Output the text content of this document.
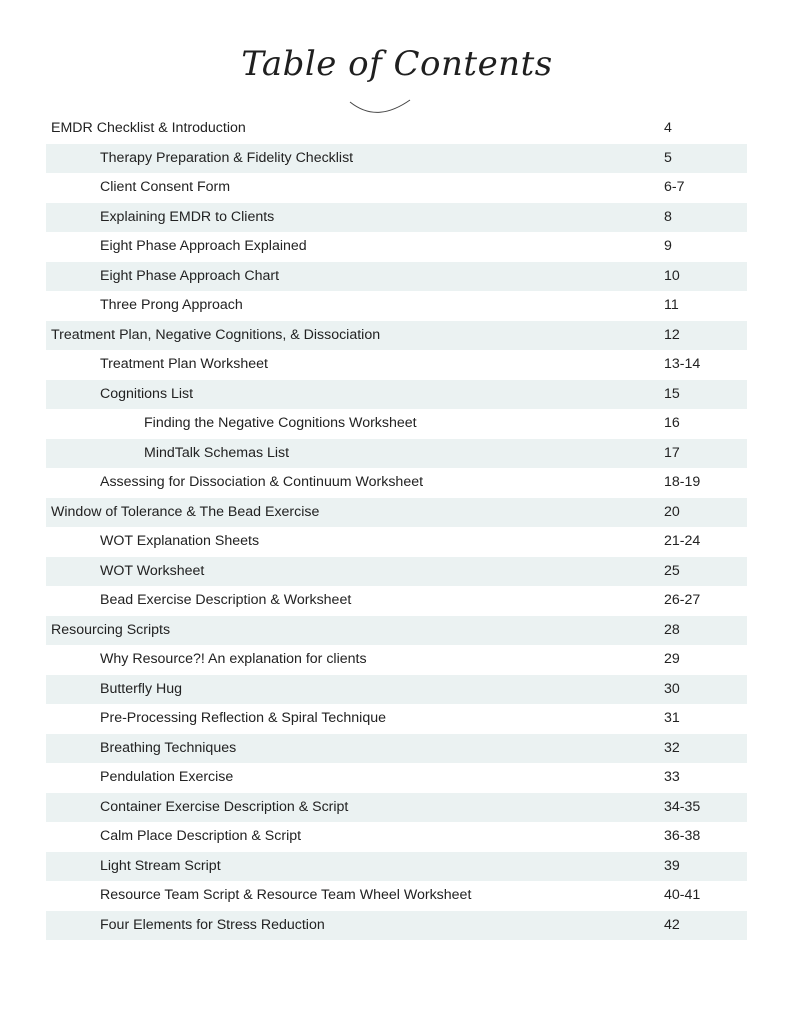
Table of Contents
EMDR Checklist & Introduction	4
Therapy Preparation & Fidelity Checklist	5
Client Consent Form	6-7
Explaining EMDR to Clients	8
Eight Phase Approach Explained	9
Eight Phase Approach Chart	10
Three Prong Approach	11
Treatment Plan, Negative Cognitions, & Dissociation	12
Treatment Plan Worksheet	13-14
Cognitions List	15
Finding the Negative Cognitions Worksheet	16
MindTalk Schemas List	17
Assessing for Dissociation & Continuum Worksheet	18-19
Window of Tolerance & The Bead Exercise	20
WOT Explanation Sheets	21-24
WOT Worksheet	25
Bead Exercise Description & Worksheet	26-27
Resourcing Scripts	28
Why Resource?! An explanation for clients	29
Butterfly Hug	30
Pre-Processing Reflection & Spiral Technique	31
Breathing Techniques	32
Pendulation Exercise	33
Container Exercise Description & Script	34-35
Calm Place Description & Script	36-38
Light Stream Script	39
Resource Team Script & Resource Team Wheel Worksheet	40-41
Four Elements for Stress Reduction	42
